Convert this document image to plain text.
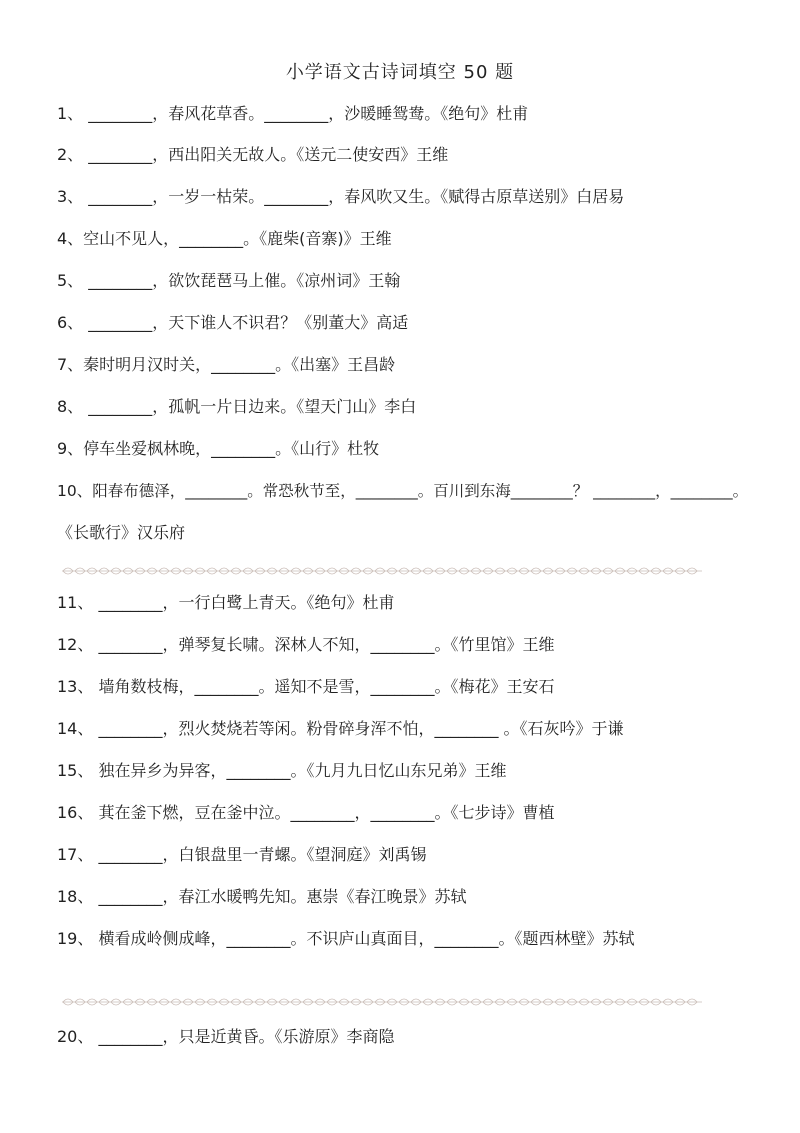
小学语文古诗词填空 50 题
1、 ________，春风花草香。________，沙暖睡鸳鸯。《绝句》杜甫
2、 ________，西出阳关无故人。《送元二使安西》王维
3、 ________，一岁一枯荣。________，春风吹又生。《赋得古原草送别》白居易
4、空山不见人，________。《鹿柴(音寨)》王维
5、 ________，欲饮琵琶马上催。《凉州词》王翰
6、 ________，天下谁人不识君？《别董大》高适
7、秦时明月汉时关，________。《出塞》王昌龄
8、 ________，孤帆一片日边来。《望天门山》李白
9、停车坐爱枫林晚，________。《山行》杜牧
10、阳春布德泽，________。常恐秋节至，________。百川到东海________？ ________，________。
《长歌行》汉乐府
11、 ________，一行白鹭上青天。《绝句》杜甫
12、 ________，弹琴复长啸。深林人不知，________。《竹里馆》王维
13、 墙角数枝梅，________。遥知不是雪，________。《梅花》王安石
14、 ________，烈火焚烧若等闲。粉骨碎身浑不怕，________ 。《石灰吟》于谦
15、 独在异乡为异客，________。《九月九日忆山东兄弟》王维
16、 萁在釜下燃，豆在釜中泣。________，________。《七步诗》曹植
17、 ________，白银盘里一青螺。《望洞庭》刘禹锡
18、 ________，春江水暖鸭先知。惠崇《春江晚景》苏轼
19、 横看成岭侧成峰，________。不识庐山真面目，________。《题西林壁》苏轼
20、 ________，只是近黄昏。《乐游原》李商隐
